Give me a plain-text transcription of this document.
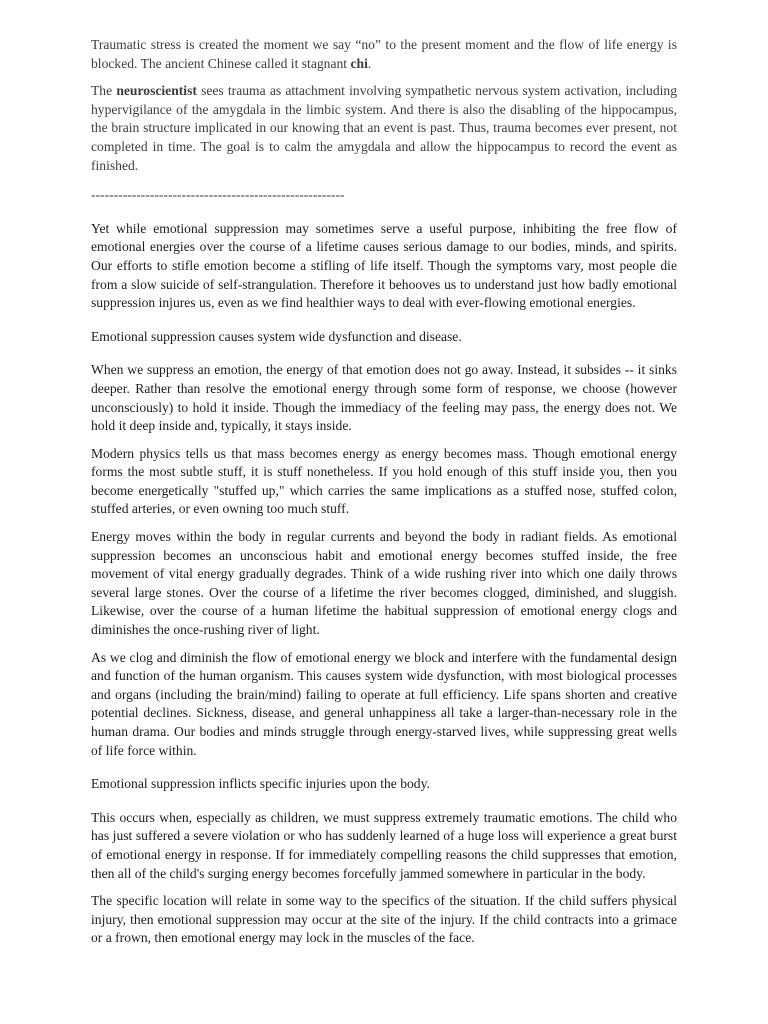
Traumatic stress is created the moment we say “no” to the present moment and the flow of life energy is blocked. The ancient Chinese called it stagnant chi.

The neuroscientist sees trauma as attachment involving sympathetic nervous system activation, including hypervigilance of the amygdala in the limbic system. And there is also the disabling of the hippocampus, the brain structure implicated in our knowing that an event is past. Thus, trauma becomes ever present, not completed in time. The goal is to calm the amygdala and allow the hippocampus to record the event as finished.

--------------------------------------------------------

Yet while emotional suppression may sometimes serve a useful purpose, inhibiting the free flow of emotional energies over the course of a lifetime causes serious damage to our bodies, minds, and spirits. Our efforts to stifle emotion become a stifling of life itself. Though the symptoms vary, most people die from a slow suicide of self-strangulation. Therefore it behooves us to understand just how badly emotional suppression injures us, even as we find healthier ways to deal with ever-flowing emotional energies.

Emotional suppression causes system wide dysfunction and disease.

When we suppress an emotion, the energy of that emotion does not go away. Instead, it subsides -- it sinks deeper. Rather than resolve the emotional energy through some form of response, we choose (however unconsciously) to hold it inside. Though the immediacy of the feeling may pass, the energy does not. We hold it deep inside and, typically, it stays inside.

Modern physics tells us that mass becomes energy as energy becomes mass. Though emotional energy forms the most subtle stuff, it is stuff nonetheless. If you hold enough of this stuff inside you, then you become energetically "stuffed up," which carries the same implications as a stuffed nose, stuffed colon, stuffed arteries, or even owning too much stuff.

Energy moves within the body in regular currents and beyond the body in radiant fields. As emotional suppression becomes an unconscious habit and emotional energy becomes stuffed inside, the free movement of vital energy gradually degrades. Think of a wide rushing river into which one daily throws several large stones. Over the course of a lifetime the river becomes clogged, diminished, and sluggish. Likewise, over the course of a human lifetime the habitual suppression of emotional energy clogs and diminishes the once-rushing river of light.

As we clog and diminish the flow of emotional energy we block and interfere with the fundamental design and function of the human organism. This causes system wide dysfunction, with most biological processes and organs (including the brain/mind) failing to operate at full efficiency. Life spans shorten and creative potential declines. Sickness, disease, and general unhappiness all take a larger-than-necessary role in the human drama. Our bodies and minds struggle through energy-starved lives, while suppressing great wells of life force within.

Emotional suppression inflicts specific injuries upon the body.

This occurs when, especially as children, we must suppress extremely traumatic emotions. The child who has just suffered a severe violation or who has suddenly learned of a huge loss will experience a great burst of emotional energy in response. If for immediately compelling reasons the child suppresses that emotion, then all of the child's surging energy becomes forcefully jammed somewhere in particular in the body.

The specific location will relate in some way to the specifics of the situation. If the child suffers physical injury, then emotional suppression may occur at the site of the injury. If the child contracts into a grimace or a frown, then emotional energy may lock in the muscles of the face.
